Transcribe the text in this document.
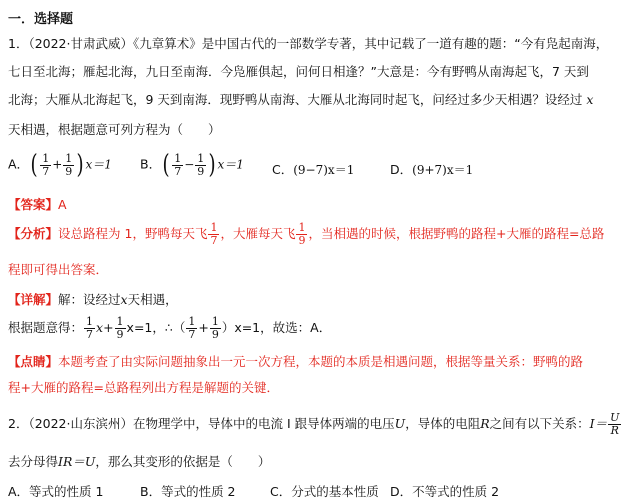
一．选择题
1．（2022·甘肃武威）《九章算术》是中国古代的一部数学专著，其中记载了一道有趣的题：“今有凫起南海，
七日至北海；雁起北海，九日至南海．今凫雁俱起，问何日相逢？”大意是：今有野鸭从南海起飞，7 天到
北海；大雁从北海起飞，9 天到南海．现野鸭从南海、大雁从北海同时起飞，问经过多少天相遇？设经过 x
天相遇，根据题意可列方程为（　　）
A．( $\frac{1}{7} + \frac{1}{9}$ ) x＝1 B．( $\frac{1}{7} - \frac{1}{9}$ ) x＝1 C．(9−7)x＝1	D．(9+7)x＝1
【答案】A
【分析】设总路程为 1，野鸭每天飞 $\frac{1}{7}$ ，大雁每天飞 $\frac{1}{9}$ ，当相遇的时候，根据野鸭的路程+大雁的路程=总路
程即可得出答案．
【详解】解：设经过x天相遇，
根据题意得： $\frac{1}{7} x+ \frac{1}{9} x=1$，∴（ $\frac{1}{7} + \frac{1}{9} )x=1$，故选：A．
【点睛】本题考查了由实际问题抽象出一元一次方程，本题的本质是相遇问题，根据等量关系：野鸭的路
程+大雁的路程=总路程列出方程是解题的关键．
2．（2022·山东滨州）在物理学中，导体中的电流 I 跟导体两端的电压U，导体的电阻R之间有以下关系：$I= \frac{U}{R}$
去分母得IR＝U，那么其变形的依据是（　　）
A．等式的性质 1	B．等式的性质 2	C．分式的基本性质 D．不等式的性质 2
